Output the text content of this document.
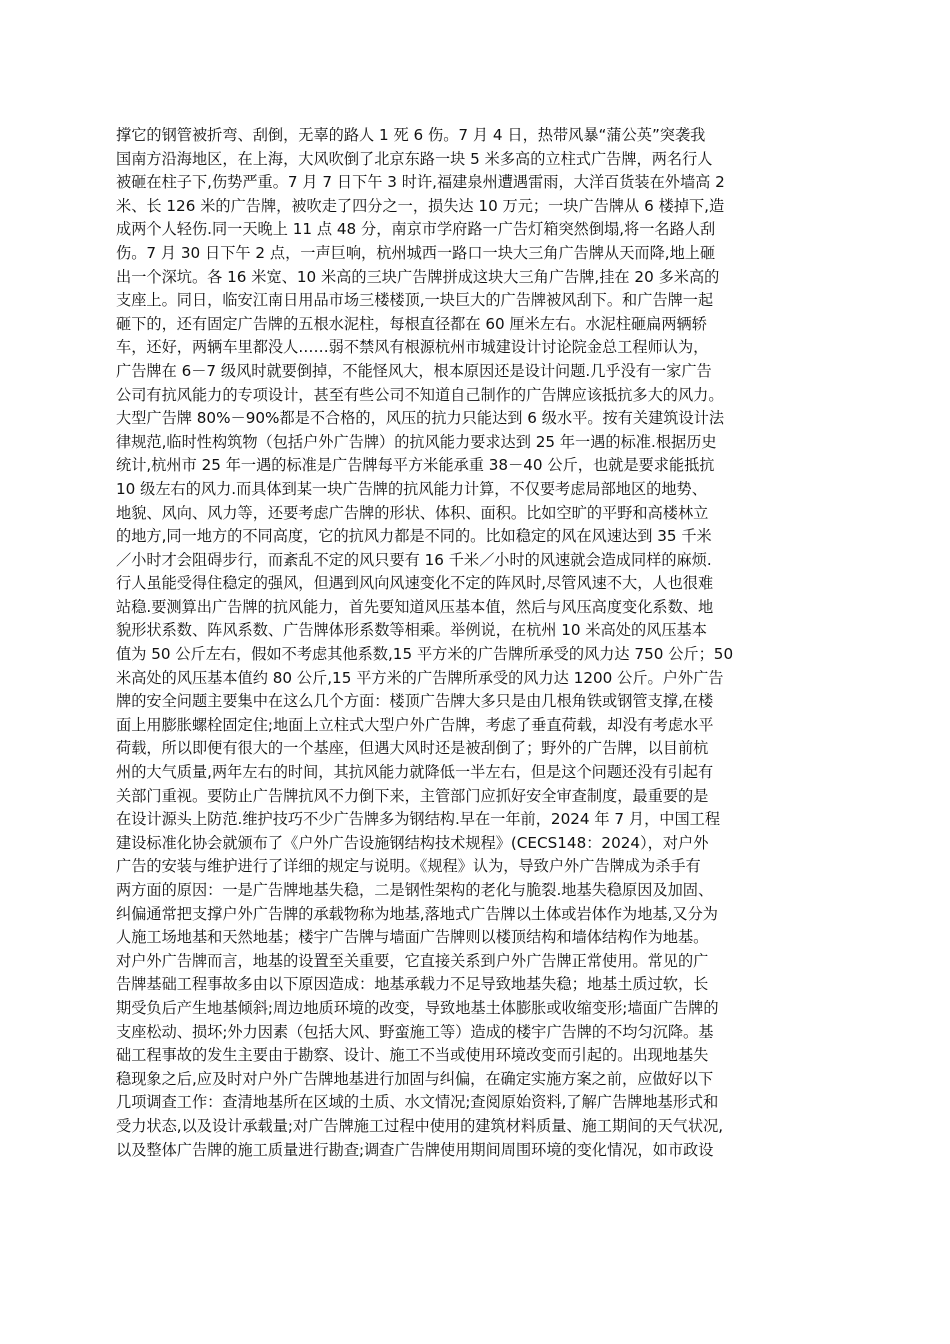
撑它的钢管被折弯、刮倒，无辜的路人 1 死 6 伤。7 月 4 日，热带风暴“蒲公英”突袭我
国南方沿海地区，在上海，大风吹倒了北京东路一块 5 米多高的立柱式广告牌，两名行人
被砸在柱子下,伤势严重。7 月 7 日下午 3 时许,福建泉州遭遇雷雨，大洋百货装在外墙高 2
米、长 126 米的广告牌，被吹走了四分之一，损失达 10 万元；一块广告牌从 6 楼掉下,造
成两个人轻伤.同一天晚上 11 点 48 分，南京市学府路一广告灯箱突然倒塌,将一名路人刮
伤。7 月 30 日下午 2 点，一声巨响，杭州城西一路口一块大三角广告牌从天而降,地上砸
出一个深坑。各 16 米宽、10 米高的三块广告牌拼成这块大三角广告牌,挂在 20 多米高的
支座上。同日，临安江南日用品市场三楼楼顶,一块巨大的广告牌被风刮下。和广告牌一起
砸下的，还有固定广告牌的五根水泥柱，每根直径都在 60 厘米左右。水泥柱砸扁两辆轿
车，还好，两辆车里都没人……弱不禁风有根源杭州市城建设计讨论院金总工程师认为，
广告牌在 6－7 级风时就要倒掉，不能怪风大，根本原因还是设计问题.几乎没有一家广告
公司有抗风能力的专项设计，甚至有些公司不知道自己制作的广告牌应该抵抗多大的风力。
大型广告牌 80%－90%都是不合格的，风压的抗力只能达到 6 级水平。按有关建筑设计法
律规范,临时性构筑物（包括户外广告牌）的抗风能力要求达到 25 年一遇的标准.根据历史
统计,杭州市 25 年一遇的标准是广告牌每平方米能承重 38－40 公斤，也就是要求能抵抗
10 级左右的风力.而具体到某一块广告牌的抗风能力计算，不仅要考虑局部地区的地势、
地貌、风向、风力等，还要考虑广告牌的形状、体积、面积。比如空旷的平野和高楼林立
的地方,同一地方的不同高度，它的抗风力都是不同的。比如稳定的风在风速达到 35 千米
／小时才会阻碍步行，而紊乱不定的风只要有 16 千米／小时的风速就会造成同样的麻烦.
行人虽能受得住稳定的强风，但遇到风向风速变化不定的阵风时,尽管风速不大，人也很难
站稳.要测算出广告牌的抗风能力，首先要知道风压基本值，然后与风压高度变化系数、地
貌形状系数、阵风系数、广告牌体形系数等相乘。举例说，在杭州 10 米高处的风压基本
值为 50 公斤左右，假如不考虑其他系数,15 平方米的广告牌所承受的风力达 750 公斤；50
米高处的风压基本值约 80 公斤,15 平方米的广告牌所承受的风力达 1200 公斤。户外广告
牌的安全问题主要集中在这么几个方面：楼顶广告牌大多只是由几根角铁或钢管支撑,在楼
面上用膨胀螺栓固定住;地面上立柱式大型户外广告牌，考虑了垂直荷载，却没有考虑水平
荷载，所以即便有很大的一个基座，但遇大风时还是被刮倒了；野外的广告牌，以目前杭
州的大气质量,两年左右的时间，其抗风能力就降低一半左右，但是这个问题还没有引起有
关部门重视。要防止广告牌抗风不力倒下来，主管部门应抓好安全审查制度，最重要的是
在设计源头上防范.维护技巧不少广告牌多为钢结构.早在一年前，2024 年 7 月，中国工程
建设标准化协会就颁布了《户外广告设施钢结构技术规程》(CECS148：2024），对户外
广告的安装与维护进行了详细的规定与说明。《规程》认为，导致户外广告牌成为杀手有
两方面的原因：一是广告牌地基失稳，二是钢性架构的老化与脆裂.地基失稳原因及加固、
纠偏通常把支撑户外广告牌的承载物称为地基,落地式广告牌以土体或岩体作为地基,又分为
人施工场地基和天然地基；楼宇广告牌与墙面广告牌则以楼顶结构和墙体结构作为地基。
对户外广告牌而言，地基的设置至关重要，它直接关系到户外广告牌正常使用。常见的广
告牌基础工程事故多由以下原因造成：地基承载力不足导致地基失稳；地基土质过软，长
期受负后产生地基倾斜;周边地质环境的改变，导致地基土体膨胀或收缩变形;墙面广告牌的
支座松动、损坏;外力因素（包括大风、野蛮施工等）造成的楼宇广告牌的不均匀沉降。基
础工程事故的发生主要由于勘察、设计、施工不当或使用环境改变而引起的。出现地基失
稳现象之后,应及时对户外广告牌地基进行加固与纠偏，在确定实施方案之前，应做好以下
几项调查工作：查清地基所在区域的土质、水文情况;查阅原始资料,了解广告牌地基形式和
受力状态,以及设计承载量;对广告牌施工过程中使用的建筑材料质量、施工期间的天气状况,
以及整体广告牌的施工质量进行勘查;调查广告牌使用期间周围环境的变化情况，如市政设
